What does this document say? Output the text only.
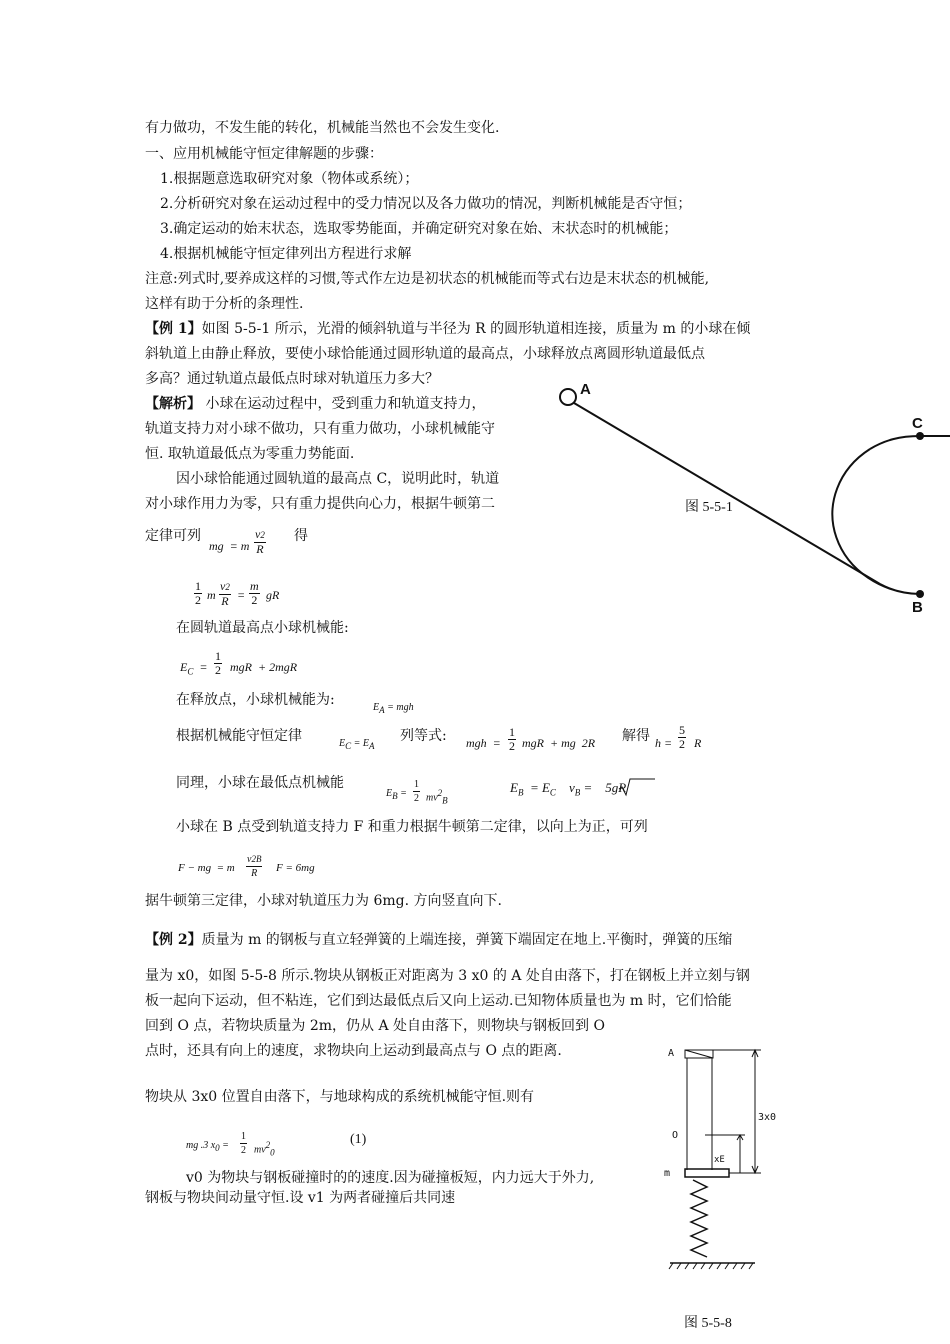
有力做功，不发生能的转化，机械能当然也不会发生变化.
一、应用机械能守恒定律解题的步骤：
1.根据题意选取研究对象（物体或系统）；
2.分析研究对象在运动过程中的受力情况以及各力做功的情况，判断机械能是否守恒；
3.确定运动的始末状态，选取零势能面，并确定研究对象在始、末状态时的机械能；
4.根据机械能守恒定律列出方程进行求解
注意:列式时,要养成这样的习惯,等式作左边是初状态的机械能而等式右边是末状态的机械能,
这样有助于分析的条理性.
【例 1】如图 5-5-1 所示，光滑的倾斜轨道与半径为 R 的圆形轨道相连接，质量为 m 的小球在倾
斜轨道上由静止释放，要使小球恰能通过圆形轨道的最高点，小球释放点离圆形轨道最低点
多高？通过轨道点最低点时球对轨道压力多大？
【解析】 小球在运动过程中，受到重力和轨道支持力，
轨道支持力对小球不做功，只有重力做功，小球机械能守
恒. 取轨道最低点为零重力势能面.
因小球恰能通过圆轨道的最高点 C，说明此时，轨道
对小球作用力为零，只有重力提供向心力，根据牛顿第二
定律可列
mg  = m $\frac{v2}{R}$ 得
$\frac{1}{2}$ m $\frac{v2}{R} = \frac{m}{2}$ gR
在圆轨道最高点小球机械能:
$E_C = \frac{1}{2}$ mgR  + 2mgR
在释放点，小球机械能为:	$E_A$ = mgh
根据机械能守恒定律	$E_C = E_A$
列等式: mgh  = $\frac{1}{2}$ mgR  + mg  2R 解得 $h = \frac{5}{2}$ R
同理，小球在最低点机械能
$E_B = \frac{1}{2} mv^2_B$
$E_B = E_C$    $v_B$ =    5gR
小球在 B 点受到轨道支持力 F 和重力根据牛顿第二定律，以向上为正，可列
F − mg  = m $\frac{v2B}{R}$ F = 6mg
据牛顿第三定律，小球对轨道压力为 6mg. 方向竖直向下.
A
C
B
图 5-5-1
【例 2】质量为 m 的钢板与直立轻弹簧的上端连接，弹簧下端固定在地上.平衡时，弹簧的压缩
量为 x0，如图 5-5-8 所示.物块从钢板正对距离为 3 x0 的 A 处自由落下，打在钢板上并立刻与钢
板一起向下运动，但不粘连，它们到达最低点后又向上运动.已知物体质量也为 m 时，它们恰能
回到 O 点，若物块质量为 2m，仍从 A 处自由落下，则物块与钢板回到 O
点时，还具有向上的速度，求物块向上运动到最高点与 O 点的距离.
物块从 3x0 位置自由落下，与地球构成的系统机械能守恒.则有
mg .3 $x_0 = \frac{1}{2} mv^2_0$
(1)
v0 为物块与钢板碰撞时的的速度.因为碰撞板短，内力远大于外力,
钢板与物块间动量守恒.设 v1 为两者碰撞后共同速
A
O
m
3x0
xE
图 5-5-8
